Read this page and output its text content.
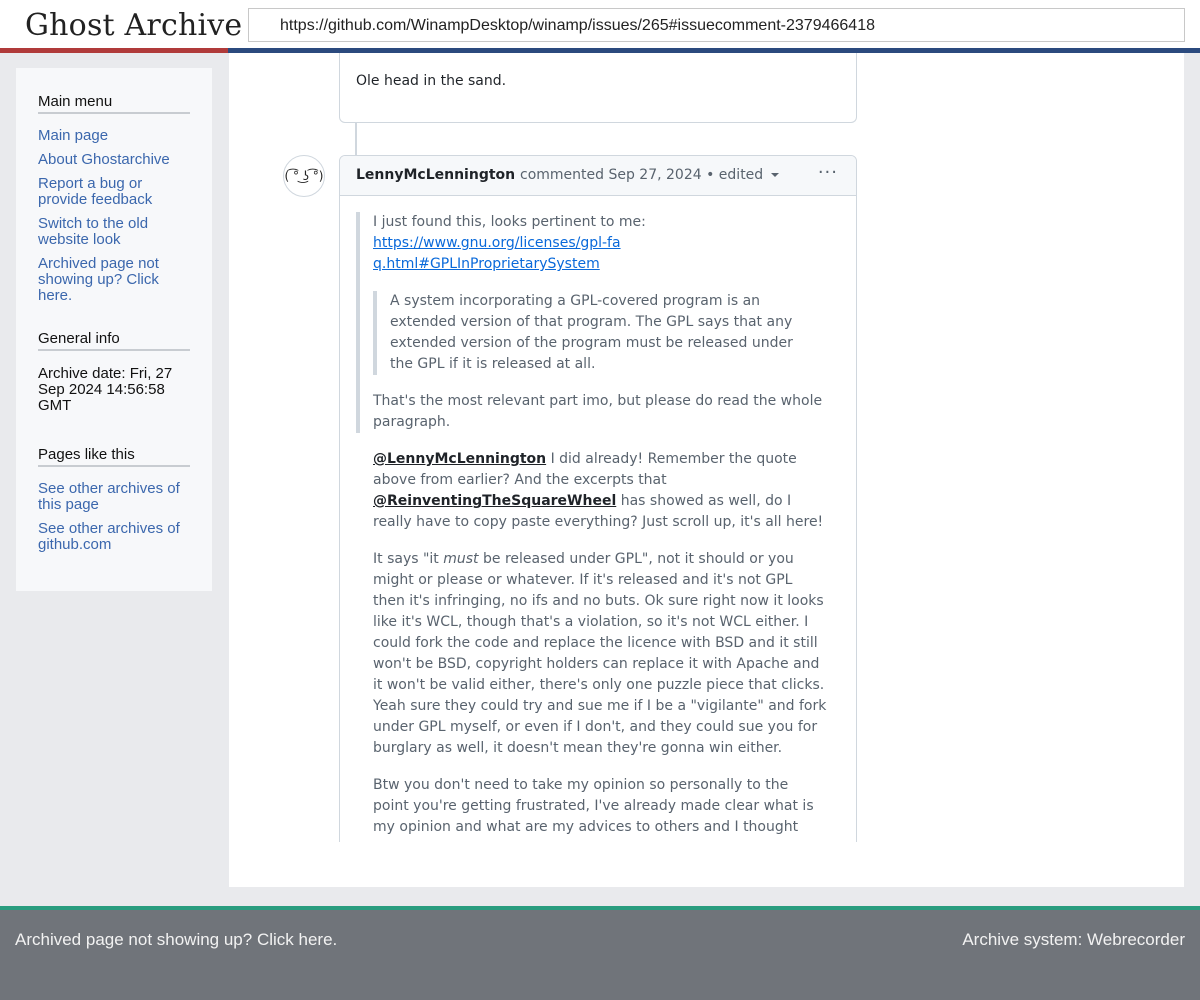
Ghost Archive	https://github.com/WinampDesktop/winamp/issues/265#issuecomment-2379466418
Main menu
Main page
About Ghostarchive
Report a bug or provide feedback
Switch to the old website look
Archived page not showing up? Click here.
General info
Archive date: Fri, 27 Sep 2024 14:56:58 GMT
Pages like this
See other archives of this page
See other archives of github.com
Ole head in the sand.
( ͡° ͜ʖ ͡°) LennyMcLennington commented Sep 27, 2024 • edited	···

I just found this, looks pertinent to me:
https://www.gnu.org/licenses/gpl-faq.html#GPLInProprietarySystem

A system incorporating a GPL-covered program is an extended version of that program. The GPL says that any extended version of the program must be released under the GPL if it is released at all.

That's the most relevant part imo, but please do read the whole paragraph.

@LennyMcLennington I did already! Remember the quote above from earlier? And the excerpts that @ReinventingTheSquareWheel has showed as well, do I really have to copy paste everything? Just scroll up, it's all here!

It says "it must be released under GPL", not it should or you might or please or whatever. If it's released and it's not GPL then it's infringing, no ifs and no buts. Ok sure right now it looks like it's WCL, though that's a violation, so it's not WCL either. I could fork the code and replace the licence with BSD and it still won't be BSD, copyright holders can replace it with Apache and it won't be valid either, there's only one puzzle piece that clicks. Yeah sure they could try and sue me if I be a "vigilante" and fork under GPL myself, or even if I don't, and they could sue you for burglary as well, it doesn't mean they're gonna win either.

Btw you don't need to take my opinion so personally to the point you're getting frustrated, I've already made clear what is my opinion and what are my advices to others and I thought

Archived page not showing up? Click here.	Archive system: Webrecorder
